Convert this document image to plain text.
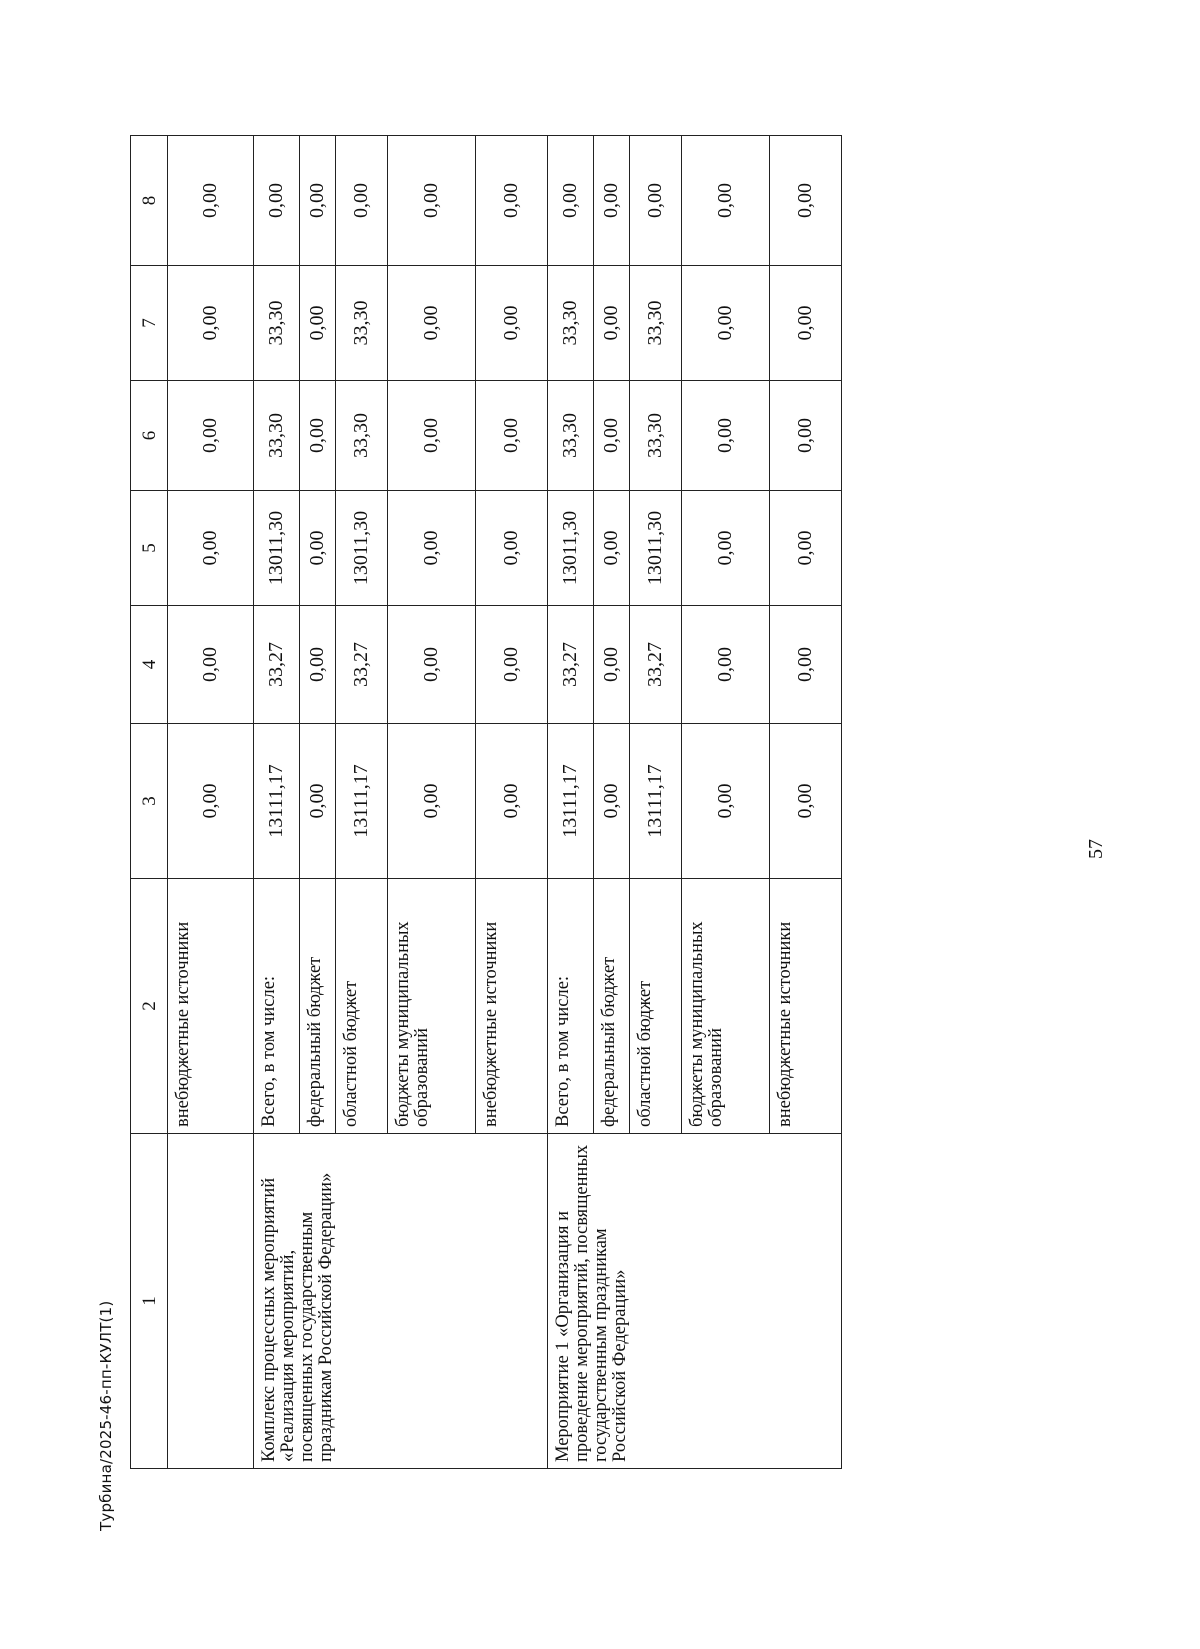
57
Турбина/2025-46-пп-КУЛТ(1) 1	2	3	4	5	6	7	8
	внебюджетные источники	0,00	0,00	0,00	0,00	0,00	0,00
Комплекс процессных мероприятий «Реализация мероприятий, посвященных государственным праздникам Российской Федерации»	Всего, в том числе:	13111,17	33,27	13011,30	33,30	33,30	0,00
	федеральный бюджет	0,00	0,00	0,00	0,00	0,00	0,00
	областной бюджет	13111,17	33,27	13011,30	33,30	33,30	0,00
	бюджеты муниципальных образований	0,00	0,00	0,00	0,00	0,00	0,00
	внебюджетные источники	0,00	0,00	0,00	0,00	0,00	0,00
Мероприятие 1 «Организация и проведение мероприятий, посвященных государственным праздникам Российской Федерации»	Всего, в том числе:	13111,17	33,27	13011,30	33,30	33,30	0,00
	федеральный бюджет	0,00	0,00	0,00	0,00	0,00	0,00
	областной бюджет	13111,17	33,27	13011,30	33,30	33,30	0,00
	бюджеты муниципальных образований	0,00	0,00	0,00	0,00	0,00	0,00
	внебюджетные источники	0,00	0,00	0,00	0,00	0,00	0,00
